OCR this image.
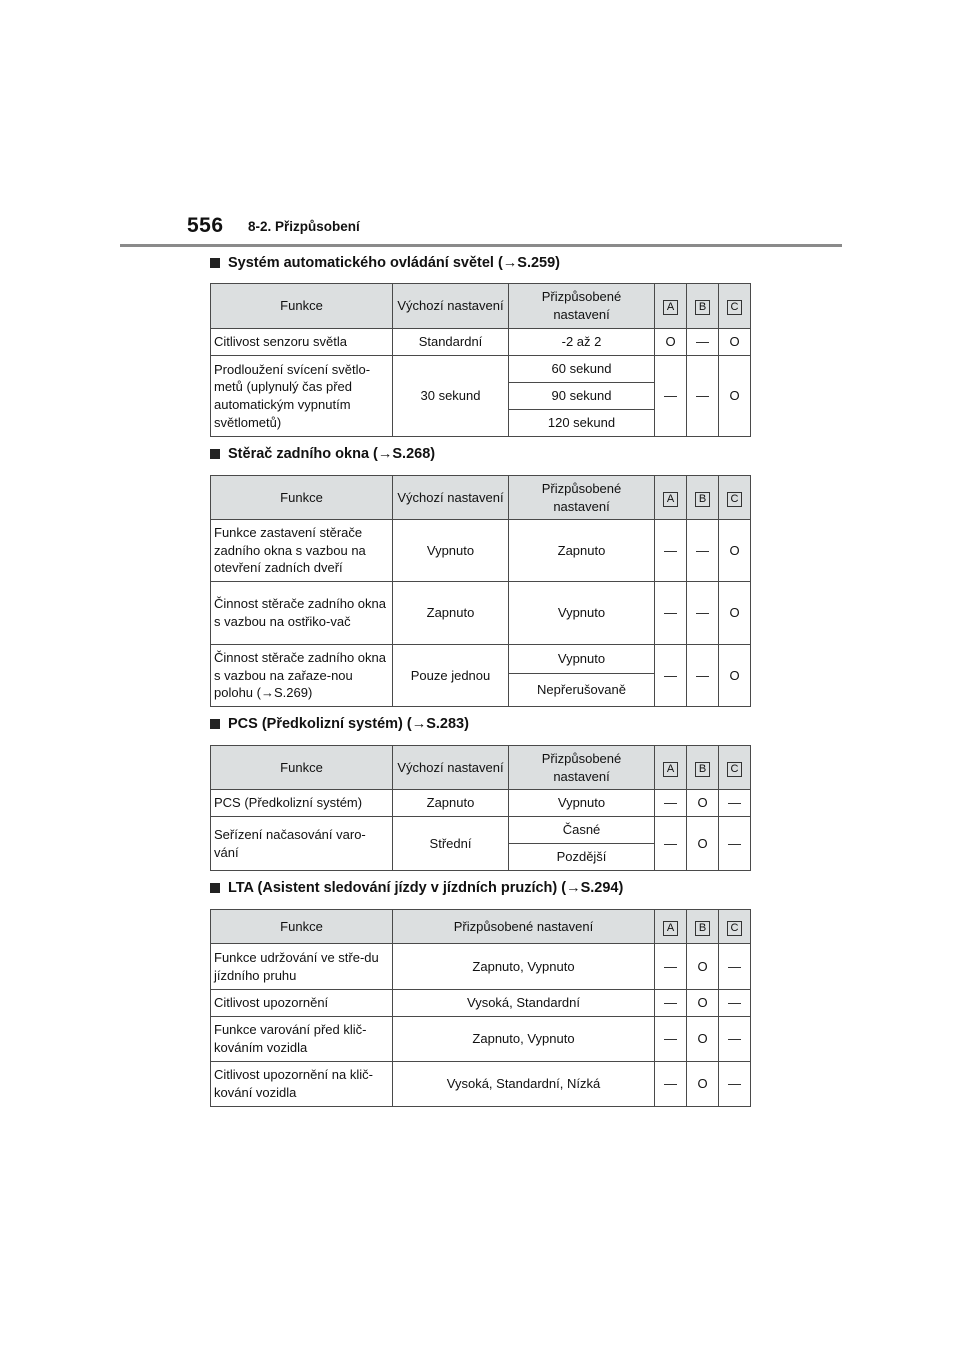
556 8-2. Přizpůsobení
Systém automatického ovládání světel (→S.259)
Funkce	Výchozí nastavení	Přizpůsobené nastavení	A	B	C
Citlivost senzoru světla	Standardní	-2 až 2	O	—	O
Prodloužení svícení světlo-metů (uplynulý čas před automatickým vypnutím světlometů)	30 sekund	60 sekund	—	—	O
		90 sekund			
		120 sekund			
Stěrač zadního okna (→S.268)
Funkce	Výchozí nastavení	Přizpůsobené nastavení	A	B	C
Funkce zastavení stěrače zadního okna s vazbou na otevření zadních dveří	Vypnuto	Zapnuto	—	—	O
Činnost stěrače zadního okna s vazbou na ostřiko-vač	Zapnuto	Vypnuto	—	—	O
Činnost stěrače zadního okna s vazbou na zařaze-nou polohu (→S.269)	Pouze jednou	Vypnuto	—	—	O
		Nepřerušovaně			
PCS (Předkolizní systém) (→S.283)
Funkce	Výchozí nastavení	Přizpůsobené nastavení	A	B	C
PCS (Předkolizní systém)	Zapnuto	Vypnuto	—	O	—
Seřízení načasování varo-vání	Střední	Časné	—	O	—
		Pozdější			
LTA (Asistent sledování jízdy v jízdních pruzích) (→S.294)
Funkce	Přizpůsobené nastavení	A	B	C
Funkce udržování ve stře-du jízdního pruhu	Zapnuto, Vypnuto	—	O	—
Citlivost upozornění	Vysoká, Standardní	—	O	—
Funkce varování před klič-kováním vozidla	Zapnuto, Vypnuto	—	O	—
Citlivost upozornění na klič-kování vozidla	Vysoká, Standardní, Nízká	—	O	—
